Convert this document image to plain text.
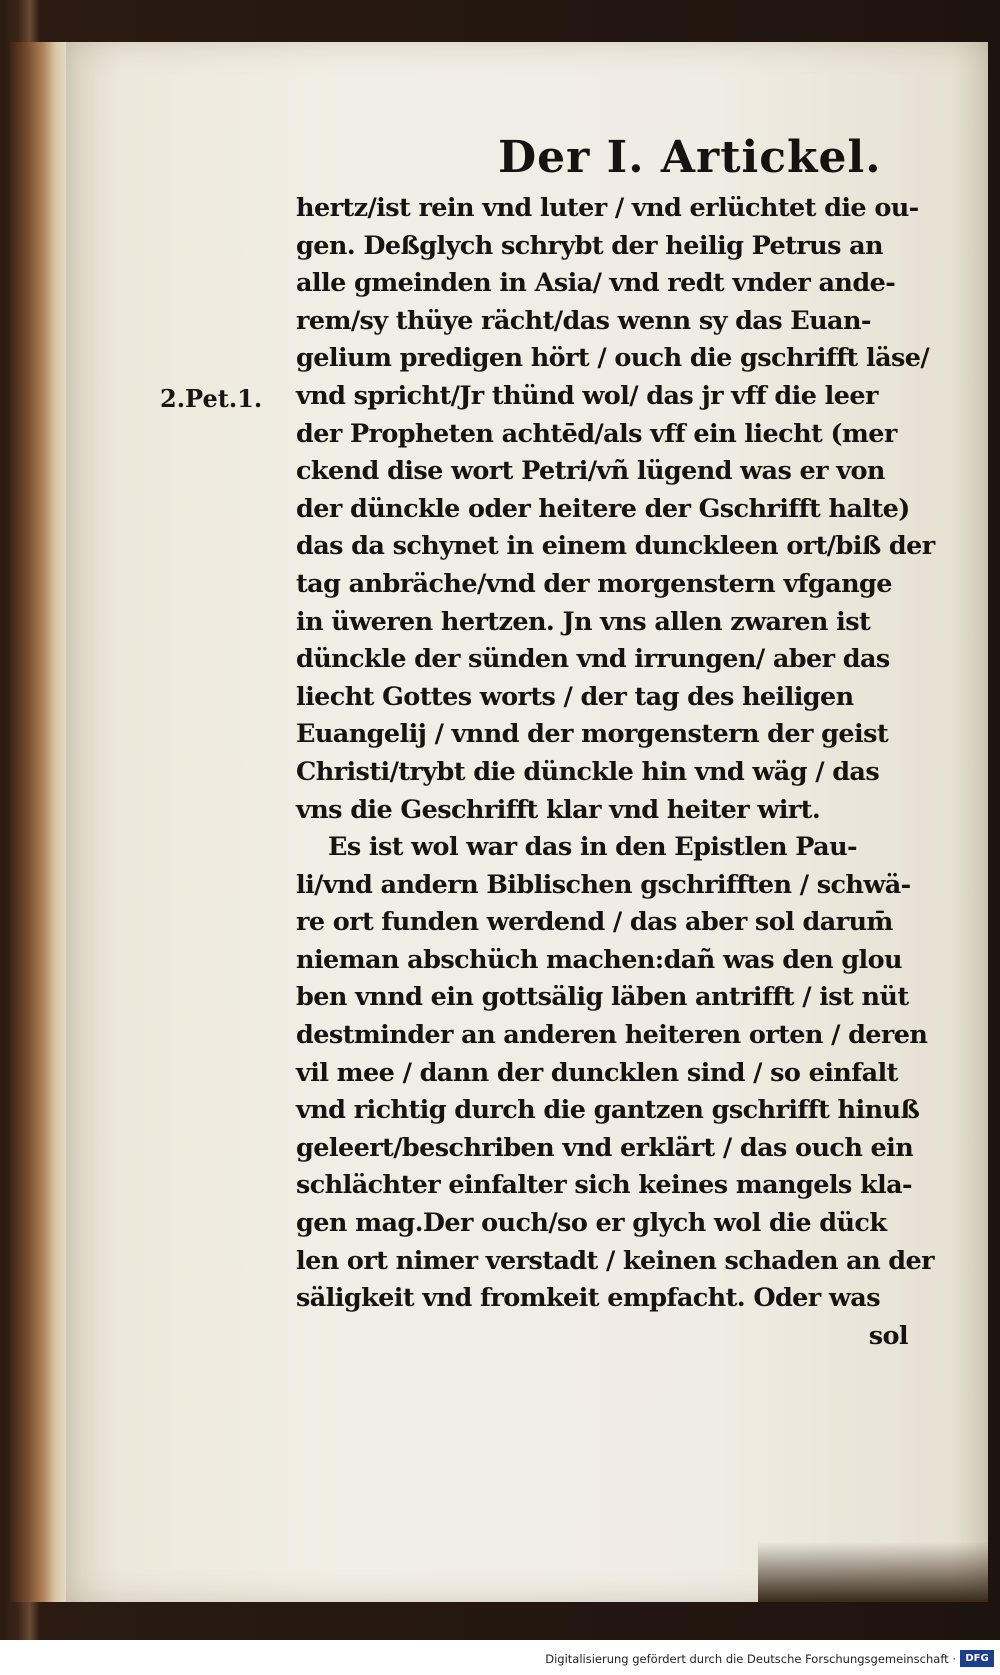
Der I. Artickel.
2.Pet.1.
hertz/ist rein vnd luter / vnd erlüchtet die ou-
gen. Deßglych schrybt der heilig Petrus an
alle gmeinden in Asia/ vnd redt vnder ande-
rem/sy thüye rächt/das wenn sy das Euan-
gelium predigen hört / ouch die gschrifft läse/
vnd spricht/Jr thünd wol/ das jr vff die leer
der Propheten achtēd/als vff ein liecht (mer
ckend dise wort Petri/vñ lügend was er von
der dünckle oder heitere der Gschrifft halte)
das da schynet in einem dunckleen ort/biß der
tag anbräche/vnd der morgenstern vfgange
in üweren hertzen. Jn vns allen zwaren ist
dünckle der sünden vnd irrungen/ aber das
liecht Gottes worts / der tag des heiligen
Euangelij / vnnd der morgenstern der geist
Christi/trybt die dünckle hin vnd wäg / das
vns die Geschrifft klar vnd heiter wirt.
Es ist wol war das in den Epistlen Pau-
li/vnd andern Biblischen gschrifften / schwä-
re ort funden werdend / das aber sol darum̄
nieman abschüch machen:dañ was den glou
ben vnnd ein gottsälig läben antrifft / ist nüt
destminder an anderen heiteren orten / deren
vil mee / dann der duncklen sind / so einfalt
vnd richtig durch die gantzen gschrifft hinuß
geleert/beschriben vnd erklärt / das ouch ein
schlächter einfalter sich keines mangels kla-
gen mag.Der ouch/so er glych wol die dück
len ort nimer verstadt / keinen schaden an der
säligkeit vnd fromkeit empfacht. Oder was
sol
Digitalisierung gefördert durch die Deutsche Forschungsgemeinschaft · DFG
